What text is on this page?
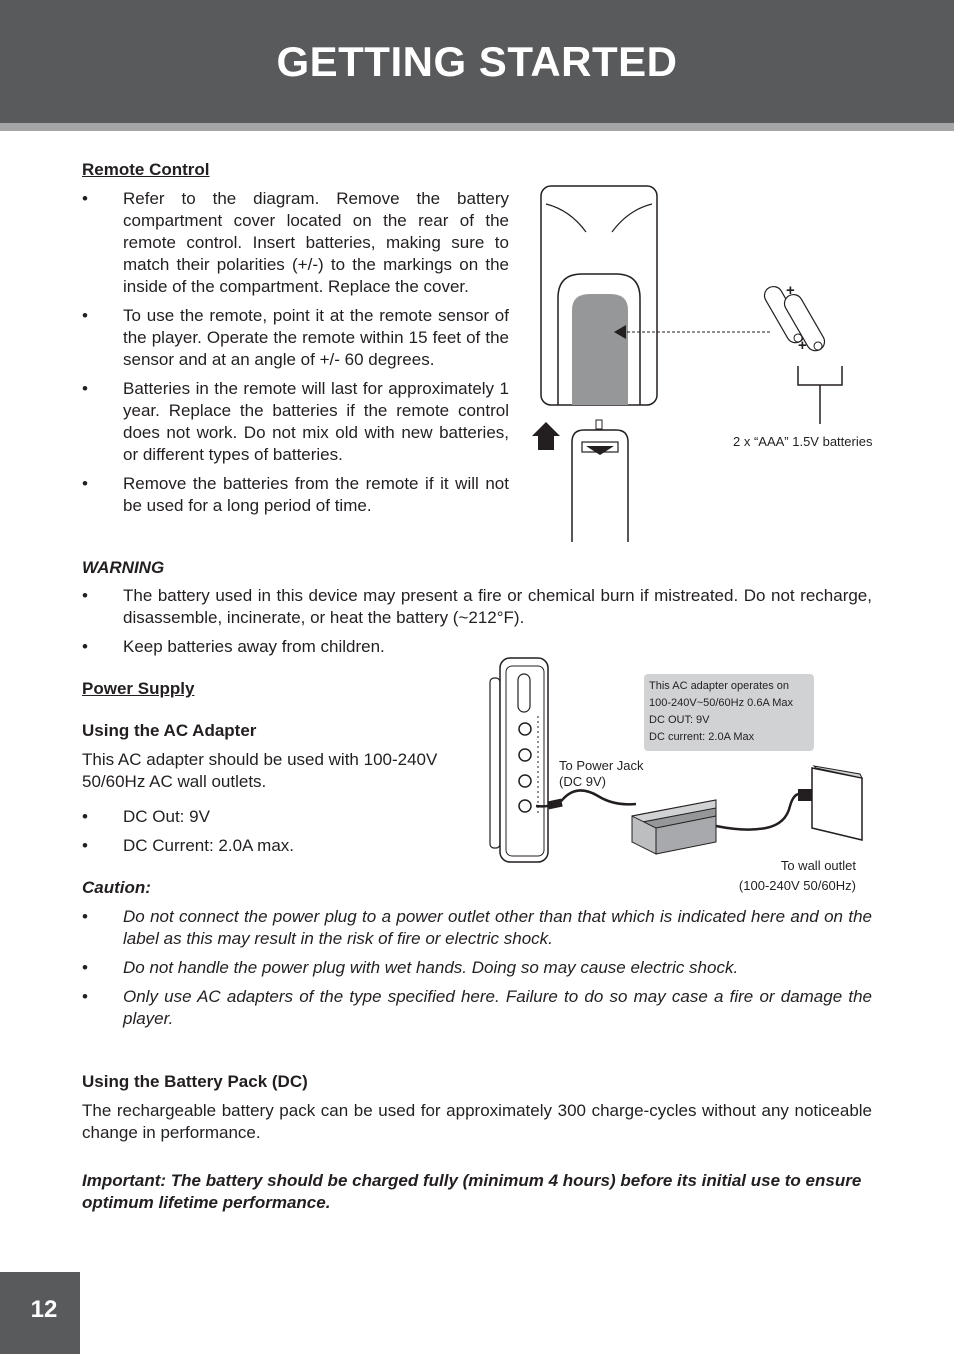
GETTING STARTED
Remote Control
• Refer to the diagram. Remove the battery compartment cover located on the rear of the remote control. Insert batteries, making sure to match their polarities (+/-) to the markings on the inside of the compartment. Replace the cover.
• To use the remote, point it at the remote sensor of the player. Operate the remote within 15 feet of the sensor and at an angle of +/- 60 degrees.
• Batteries in the remote will last for approximately 1 year. Replace the batteries if the remote control does not work. Do not mix old with new batteries, or different types of batteries.
• Remove the batteries from the remote if it will not be used for a long period of time.
+
+
2 x “AAA” 1.5V batteries
WARNING
• The battery used in this device may present a fire or chemical burn if mistreated. Do not recharge, disassemble, incinerate, or heat the battery (~212°F).
• Keep batteries away from children.
Power Supply
Using the AC Adapter
This AC adapter should be used with 100-240V 50/60Hz AC wall outlets.
• DC Out: 9V
• DC Current: 2.0A max.
This AC adapter operates on
100-240V~50/60Hz 0.6A Max
DC OUT: 9V
DC current: 2.0A Max
To Power Jack
(DC 9V)
To wall outlet
(100-240V 50/60Hz)
Caution:
• Do not connect the power plug to a power outlet other than that which is indicated here and on the label as this may result in the risk of fire or electric shock.
• Do not handle the power plug with wet hands. Doing so may cause electric shock.
• Only use AC adapters of the type specified here. Failure to do so may case a fire or damage the player.
Using the Battery Pack (DC)
The rechargeable battery pack can be used for approximately 300 charge-cycles without any noticeable change in performance.
Important: The battery should be charged fully (minimum 4 hours) before its initial use to ensure optimum lifetime performance.
12
